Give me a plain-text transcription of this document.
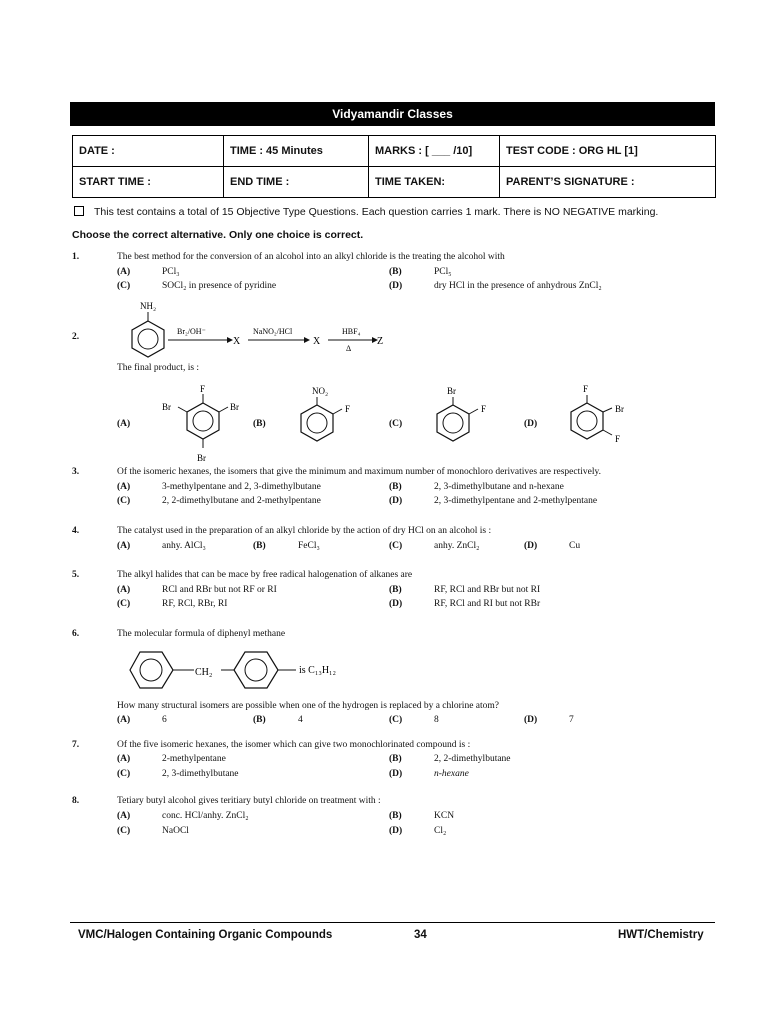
Vidyamandir Classes
DATE :	TIME : 45 Minutes	MARKS : [ ___ /10]	TEST CODE : ORG HL [1]
START TIME :	END TIME :	TIME TAKEN:	PARENT’S SIGNATURE :
This test contains a total of 15 Objective Type Questions. Each question carries 1 mark. There is NO NEGATIVE marking.
Choose the correct alternative. Only one choice is correct.
1.	The best method for the conversion of an alcohol into an alkyl chloride is the treating the alcohol with
(A)	PCl₃	(B)	PCl₅
(C)	SOCl₂ in presence of pyridine	(D)	dry HCl in the presence of anhydrous ZnCl₂
2.
NH₂
Br₂/OH⁻
X
NaNO₂/HCl
X
HBF₄
Δ
Z
The final product, is :
(A)
F
Br	Br
Br
(B)
NO₂
F
(C)
Br
F
(D)
F
Br
F
3.	Of the isomeric hexanes, the isomers that give the minimum and maximum number of monochloro derivatives are respectively.
(A)	3-methylpentane and 2, 3-dimethylbutane	(B)	2, 3-dimethylbutane and n-hexane
(C)	2, 2-dimethylbutane and 2-methylpentane	(D)	2, 3-dimethylpentane and 2-methylpentane
4.	The catalyst used in the preparation of an alkyl chloride by the action of dry HCl on an alcohol is :
(A)	anhy. AlCl₃	(B)	FeCl₃	(C)	anhy. ZnCl₂	(D)	Cu
5.	The alkyl halides that can be mace by free radical halogenation of alkanes are
(A)	RCl and RBr but not RF or RI	(B)	RF, RCl and RBr but not RI
(C)	RF, RCl, RBr, RI	(D)	RF, RCl and RI but not RBr
6.	The molecular formula of diphenyl methane
CH₂	is C₁₃H₁₂
How many structural isomers are possible when one of the hydrogen is replaced by a chlorine atom?
(A)	6	(B)	4	(C)	8	(D)	7
7.	Of the five isomeric hexanes, the isomer which can give two monochlorinated compound is :
(A)	2-methylpentane	(B)	2, 2-dimethylbutane
(C)	2, 3-dimethylbutane	(D)	n-hexane
8.	Tetiary butyl alcohol gives teritiary butyl chloride on treatment with :
(A)	conc. HCl/anhy. ZnCl₂	(B)	KCN
(C)	NaOCl	(D)	Cl₂
VMC/Halogen Containing Organic Compounds	34	HWT/Chemistry
